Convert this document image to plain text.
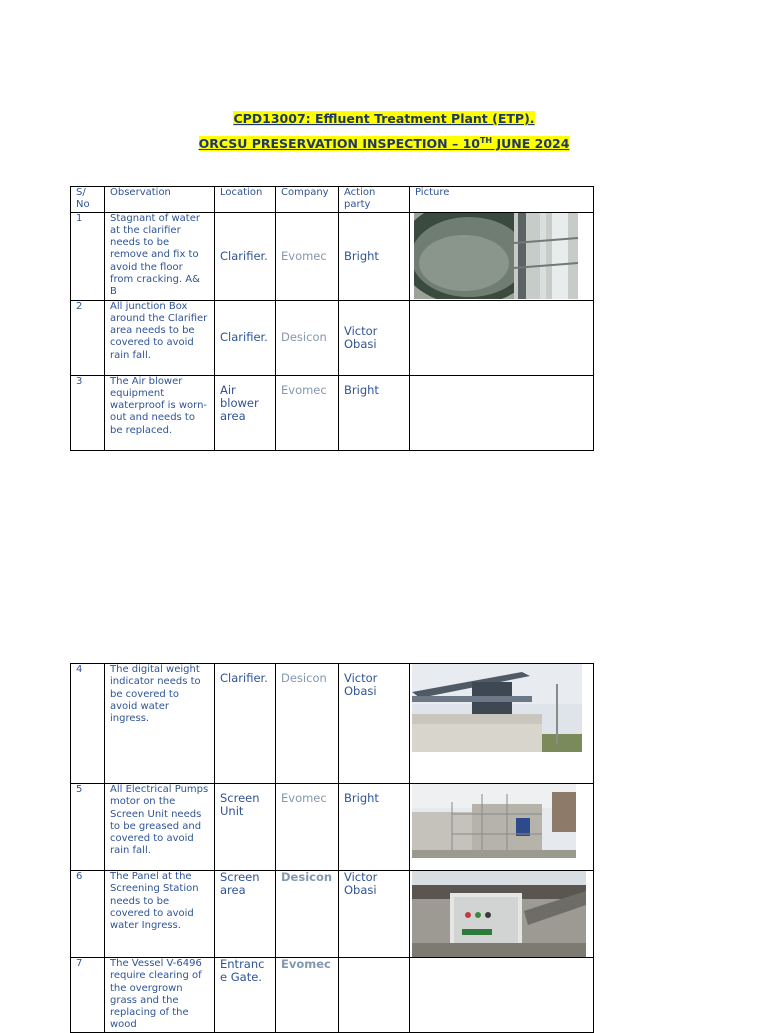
CPD13007: Effluent Treatment Plant (ETP).
ORCSU PRESERVATION INSPECTION – 10TH JUNE 2024
S/ No	Observation	Location	Company	Action party	Picture
1	Stagnant of water at the clarifier needs to be remove and fix to avoid the floor from cracking. A& B	Clarifier.	Evomec	Bright	

2	All junction Box around the Clarifier area needs to be covered to avoid rain fall.	Clarifier.	Desicon	Victor Obasi	
3	The Air blower equipment waterproof is worn-out and needs to be replaced.	Air blower area	Evomec	Bright	
4	The digital weight indicator needs to be covered to avoid water ingress.	Clarifier.	Desicon	Victor Obasi	

5	All Electrical Pumps motor on the Screen Unit needs to be greased and covered to avoid rain fall.	Screen Unit	Evomec	Bright	

6	The Panel at the Screening Station needs to be covered to avoid water Ingress.	Screen area	Desicon	Victor Obasi	

7	The Vessel V-6496 require clearing of the overgrown grass and the replacing of the wood	Entranc e Gate.	Evomec		
